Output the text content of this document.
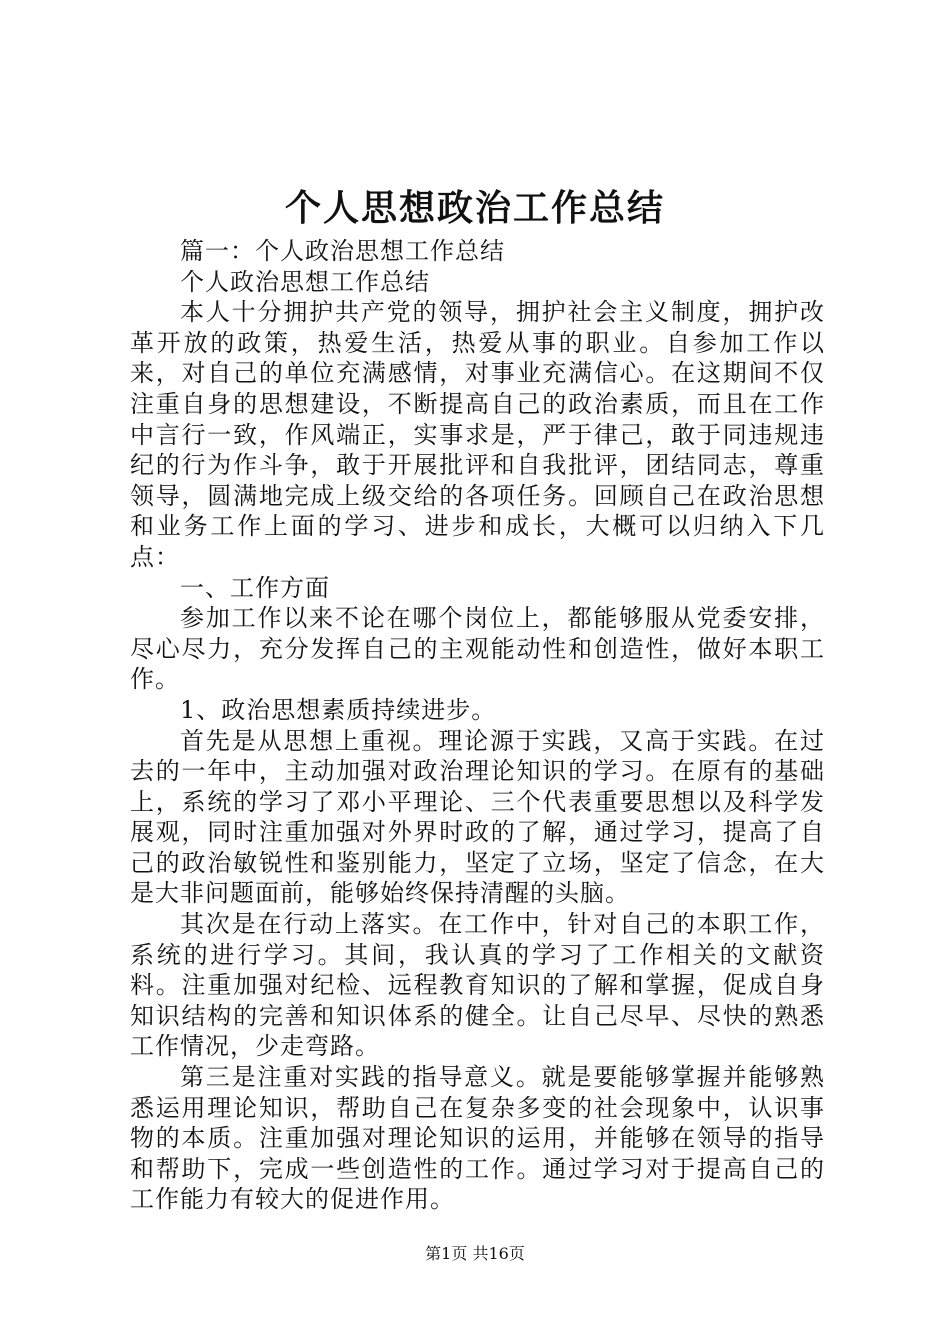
个人思想政治工作总结

篇一：个人政治思想工作总结

个人政治思想工作总结

本人十分拥护共产党的领导，拥护社会主义制度，拥护改革开放的政策，热爱生活，热爱从事的职业。自参加工作以来，对自己的单位充满感情，对事业充满信心。在这期间不仅注重自身的思想建设，不断提高自己的政治素质，而且在工作中言行一致，作风端正，实事求是，严于律己，敢于同违规违纪的行为作斗争，敢于开展批评和自我批评，团结同志，尊重领导，圆满地完成上级交给的各项任务。回顾自己在政治思想和业务工作上面的学习、进步和成长，大概可以归纳入下几点：

一、工作方面

参加工作以来不论在哪个岗位上，都能够服从党委安排，尽心尽力，充分发挥自己的主观能动性和创造性，做好本职工作。

1、政治思想素质持续进步。

首先是从思想上重视。理论源于实践，又高于实践。在过去的一年中，主动加强对政治理论知识的学习。在原有的基础上，系统的学习了邓小平理论、三个代表重要思想以及科学发展观，同时注重加强对外界时政的了解，通过学习，提高了自己的政治敏锐性和鉴别能力，坚定了立场，坚定了信念，在大是大非问题面前，能够始终保持清醒的头脑。

其次是在行动上落实。在工作中，针对自己的本职工作，系统的进行学习。其间，我认真的学习了工作相关的文献资料。注重加强对纪检、远程教育知识的了解和掌握，促成自身知识结构的完善和知识体系的健全。让自己尽早、尽快的熟悉工作情况，少走弯路。

第三是注重对实践的指导意义。就是要能够掌握并能够熟悉运用理论知识，帮助自己在复杂多变的社会现象中，认识事物的本质。注重加强对理论知识的运用，并能够在领导的指导和帮助下，完成一些创造性的工作。通过学习对于提高自己的工作能力有较大的促进作用。

第1页 共16页
